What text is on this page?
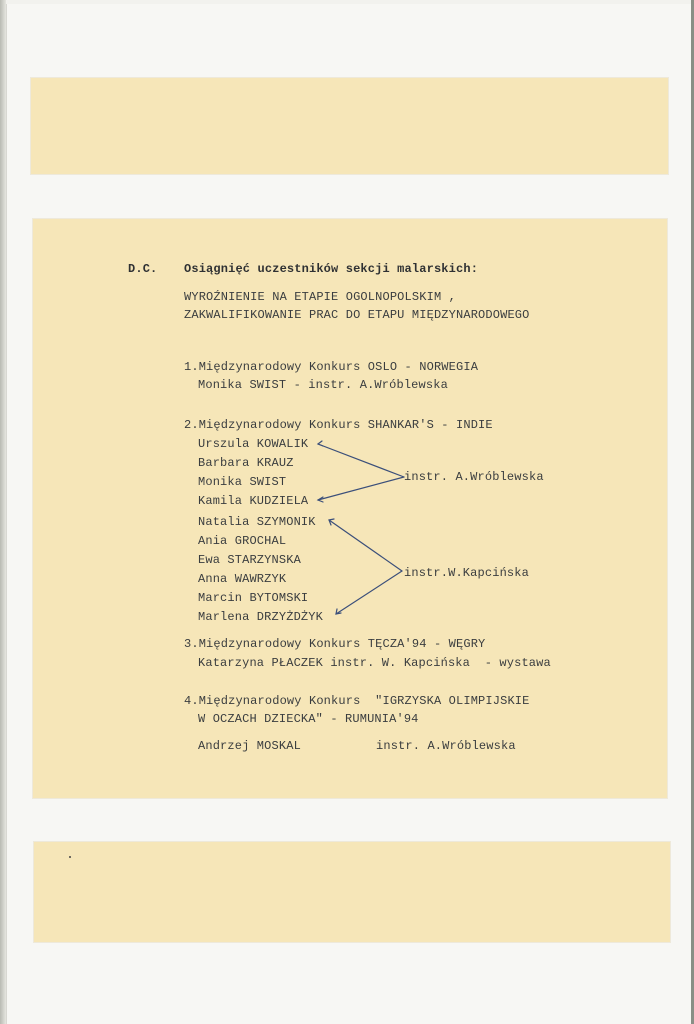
D.C. Osiągnięć uczestników sekcji malarskich:
WYROŹNIENIE NA ETAPIE OGOLNOPOLSKIM ,
ZAKWALIFIKOWANIE PRAC DO ETAPU MIĘDZYNARODOWEGO
1.Międzynarodowy Konkurs OSLO - NORWEGIA
Monika SWIST - instr. A.Wróblewska
2.Międzynarodowy Konkurs SHANKAR'S - INDIE
Urszula KOWALIK
Barbara KRAUZ
Monika SWIST
Kamila KUDZIELA
instr. A.Wróblewska
Natalia SZYMONIK
Ania GROCHAL
Ewa STARZYNSKA
Anna WAWRZYK
Marcin BYTOMSKI
Marlena DRZYŻDŻYK
instr.W.Kapcińska
3.Międzynarodowy Konkurs TĘCZA'94 - WĘGRY
Katarzyna PŁACZEK instr. W. Kapcińska  - wystawa
4.Międzynarodowy Konkurs  "IGRZYSKA OLIMPIJSKIE
W OCZACH DZIECKA" - RUMUNIA'94
Andrzej MOSKAL	instr. A.Wróblewska
